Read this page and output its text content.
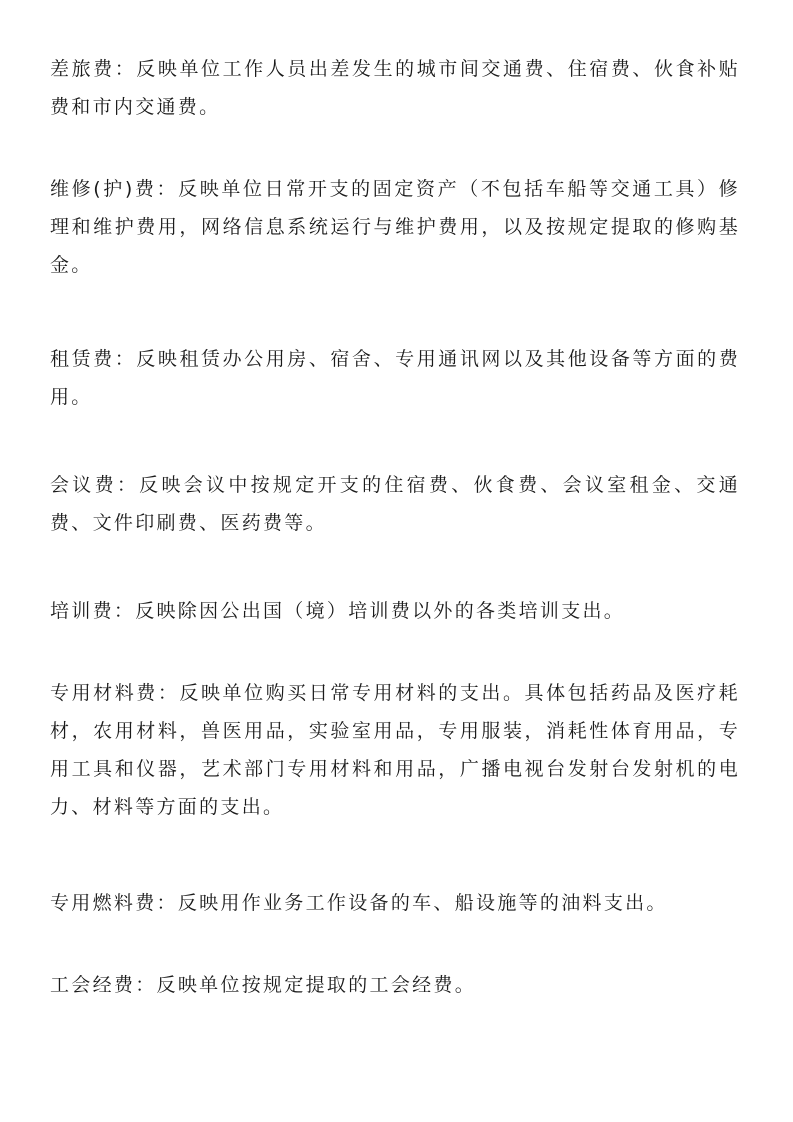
差旅费：反映单位工作人员出差发生的城市间交通费、住宿费、伙食补贴费和市内交通费。

维修(护)费：反映单位日常开支的固定资产（不包括车船等交通工具）修理和维护费用，网络信息系统运行与维护费用，以及按规定提取的修购基金。

租赁费：反映租赁办公用房、宿舍、专用通讯网以及其他设备等方面的费用。

会议费：反映会议中按规定开支的住宿费、伙食费、会议室租金、交通费、文件印刷费、医药费等。

培训费：反映除因公出国（境）培训费以外的各类培训支出。

专用材料费：反映单位购买日常专用材料的支出。具体包括药品及医疗耗材，农用材料，兽医用品，实验室用品，专用服装，消耗性体育用品，专用工具和仪器，艺术部门专用材料和用品，广播电视台发射台发射机的电力、材料等方面的支出。

专用燃料费：反映用作业务工作设备的车、船设施等的油料支出。

工会经费：反映单位按规定提取的工会经费。
